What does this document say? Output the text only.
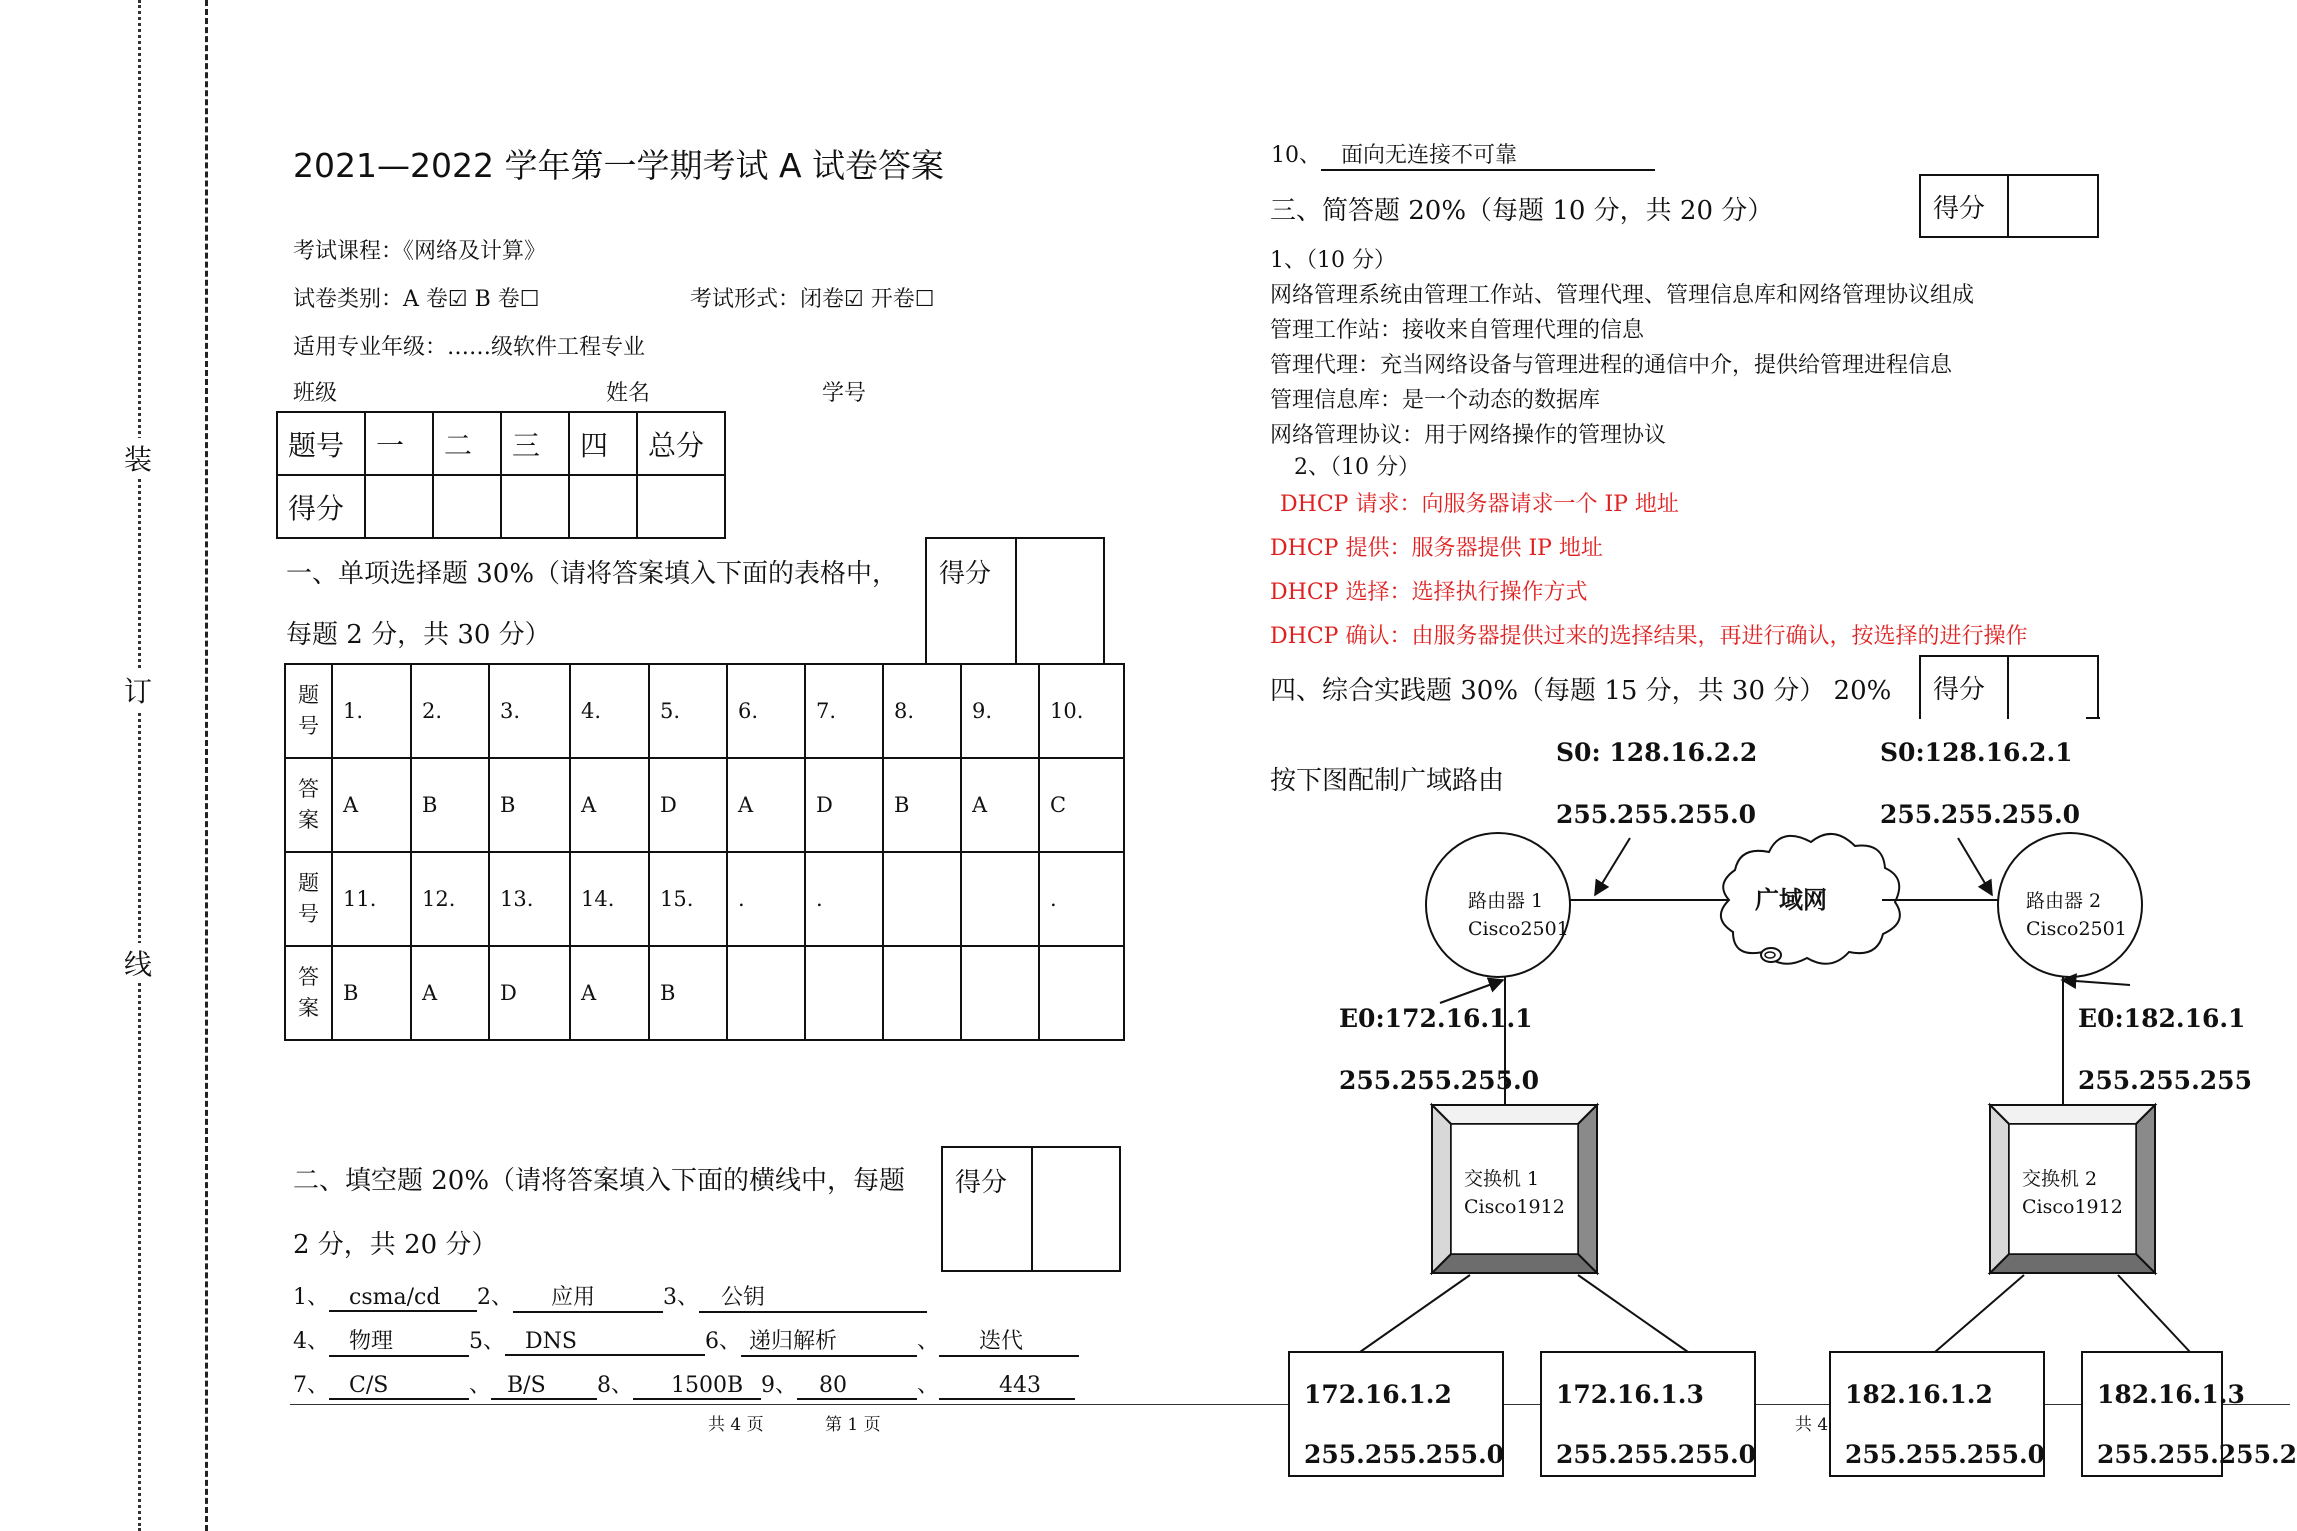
装
订
线
2021—2022 学年第一学期考试 A 试卷答案
考试课程：《网络及计算》
试卷类别：A 卷☑ B 卷☐	考试形式：闭卷☑ 开卷☐
适用专业年级：……级软件工程专业
班级	姓名	学号
题号	一	二	三	四	总分
得分					
一、单项选择题 30%（请将答案填入下面的表格中，
每题 2 分，共 30 分）
得分
题
号	1.	2.	3.	4.	5.	6.	7.	8.	9.	10.
答
案	A	B	B	A	D	A	D	B	A	C
题
号	11.	12.	13.	14.	15.	.	.			.
答
案	B	A	D	A	B					
二、填空题 20%（请将答案填入下面的横线中，每题
2 分，共 20 分）
得分
1、 csma/cd 2、 应用	3、 公钥
4、 物理	5、 DNS	6、 递归解析	、 迭代
7、 C/S	、 B/S 8、 1500B 9、 80	、	443
共 4 页	第 1 页
10、 面向无连接不可靠
三、简答题 20%（每题 10 分，共 20 分）	得分
1、（10 分）
网络管理系统由管理工作站、管理代理、管理信息库和网络管理协议组成
管理工作站：接收来自管理代理的信息
管理代理：充当网络设备与管理进程的通信中介，提供给管理进程信息
管理信息库：是一个动态的数据库
网络管理协议：用于网络操作的管理协议
2、（10 分）
DHCP 请求：向服务器请求一个 IP 地址
DHCP 提供：服务器提供 IP 地址
DHCP 选择：选择执行操作方式
DHCP 确认：由服务器提供过来的选择结果，再进行确认，按选择的进行操作
四、综合实践题 30%（每题 15 分，共 30 分） 20% 得分
按下图配制广域路由
S0: 128.16.2.2
255.255.255.0
S0:128.16.2.1
255.255.255.0
广域网
路由器 1
Cisco2501
路由器 2
Cisco2501
E0:172.16.1.1
255.255.255.0
E0:182.16.1
255.255.255
交换机 1
Cisco1912
交换机 2
Cisco1912
172.16.1.2
255.255.255.0
172.16.1.3
255.255.255.0
182.16.1.2
255.255.255.0
182.16.1.3
255.255.255.2
共 4
